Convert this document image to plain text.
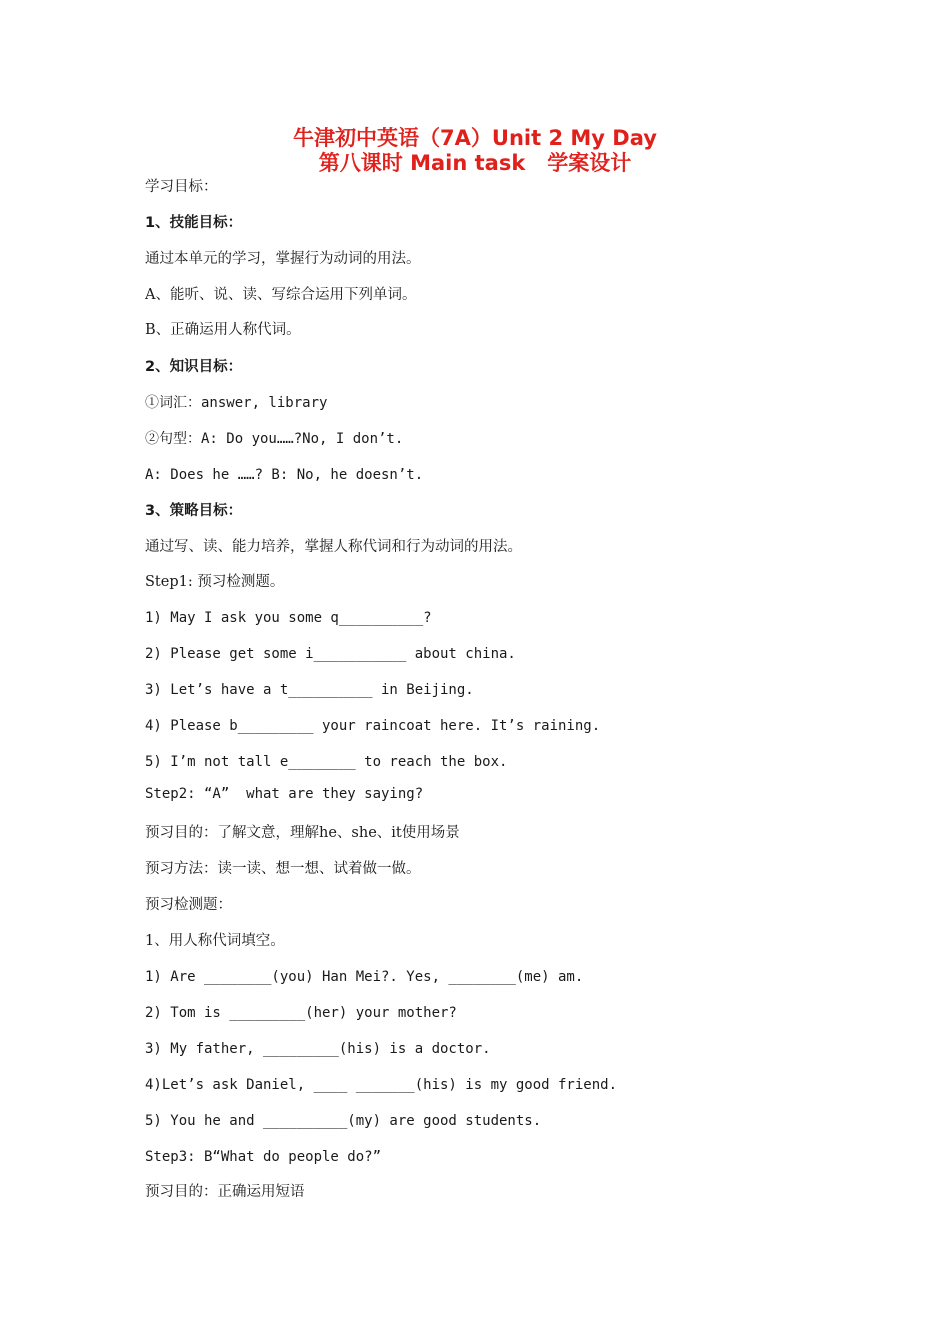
牛津初中英语（7A）Unit 2 My Day
第八课时 Main task   学案设计
学习目标：
1、技能目标：
通过本单元的学习，掌握行为动词的用法。
A、能听、说、读、写综合运用下列单词。
B、正确运用人称代词。
2、知识目标：
①词汇：answer, library
②句型：A: Do you……?No, I don’t.
A: Does he ……? B: No, he doesn’t.
3、策略目标：
通过写、读、能力培养，掌握人称代词和行为动词的用法。
Step1: 预习检测题。
1) May I ask you some q__________?
2) Please get some i___________ about china.
3) Let’s have a t__________ in Beijing.
4) Please b_________ your raincoat here. It’s raining.
5) I’m not tall e________ to reach the box.
Step2: “A”  what are they saying?
预习目的：了解文意，理解he、she、it使用场景
预习方法：读一读、想一想、试着做一做。
预习检测题：
1、用人称代词填空。
1) Are ________(you) Han Mei?. Yes, ________(me) am.
2) Tom is _________(her) your mother?
3) My father, _________(his) is a doctor.
4)Let’s ask Daniel, ____ _______(his) is my good friend.
5) You he and __________(my) are good students.
Step3: B“What do people do?”
预习目的：正确运用短语
